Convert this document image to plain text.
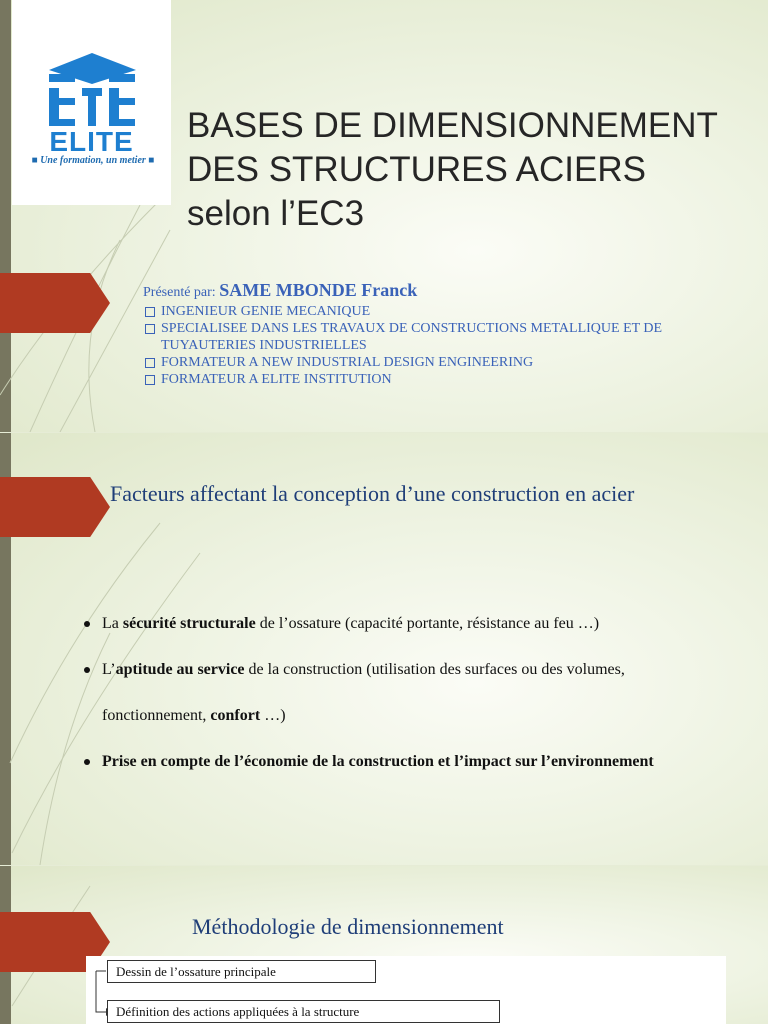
ELITE
■ Une formation, un metier ■
BASES DE DIMENSIONNEMENT
DES STRUCTURES ACIERS
selon l’EC3
Présenté par: SAME MBONDE Franck
INGENIEUR GENIE MECANIQUE
SPECIALISEE DANS LES TRAVAUX DE CONSTRUCTIONS METALLIQUE ET DE TUYAUTERIES INDUSTRIELLES
FORMATEUR A NEW INDUSTRIAL DESIGN ENGINEERING
FORMATEUR A ELITE INSTITUTION
Facteurs affectant la conception d’une construction en acier
La sécurité structurale de l’ossature (capacité portante, résistance au feu …)
L’aptitude au service de la construction (utilisation des surfaces ou des volumes,
fonctionnement, confort …)
Prise en compte de l’économie de la construction et l’impact sur l’environnement
Méthodologie de dimensionnement
Dessin de l’ossature principale
Définition des actions appliquées à la structure
